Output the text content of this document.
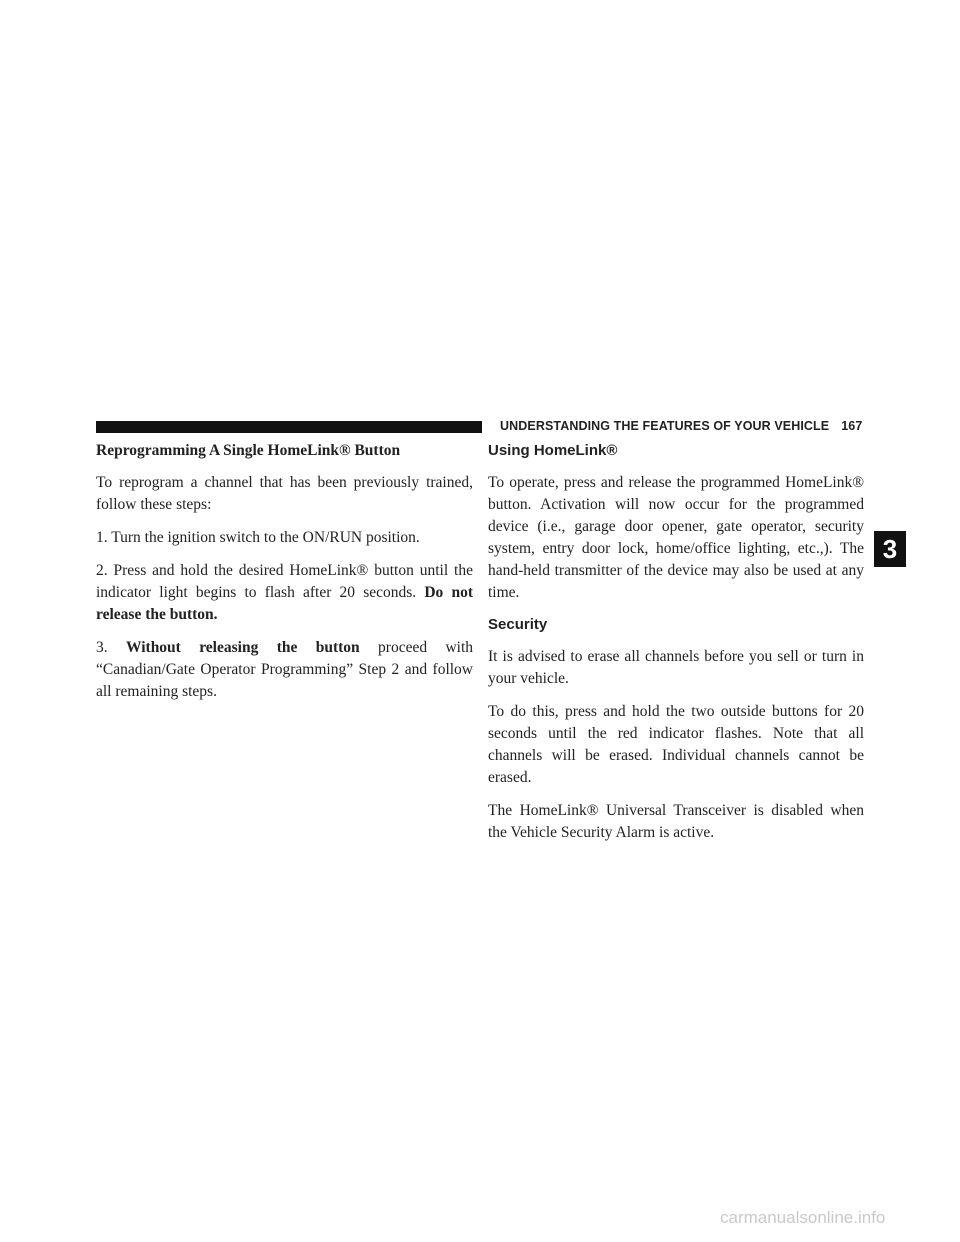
UNDERSTANDING THE FEATURES OF YOUR VEHICLE 167
3

Reprogramming A Single HomeLink® Button

To reprogram a channel that has been previously trained, follow these steps:

1. Turn the ignition switch to the ON/RUN position.

2. Press and hold the desired HomeLink® button until the indicator light begins to flash after 20 seconds. Do not release the button.

3. Without releasing the button proceed with “Canadian/Gate Operator Programming” Step 2 and follow all remaining steps.

Using HomeLink®

To operate, press and release the programmed HomeLink® button. Activation will now occur for the programmed device (i.e., garage door opener, gate operator, security system, entry door lock, home/office lighting, etc.,). The hand-held transmitter of the device may also be used at any time.

Security

It is advised to erase all channels before you sell or turn in your vehicle.

To do this, press and hold the two outside buttons for 20 seconds until the red indicator flashes. Note that all channels will be erased. Individual channels cannot be erased.

The HomeLink® Universal Transceiver is disabled when the Vehicle Security Alarm is active.

carmanualsonline.info
